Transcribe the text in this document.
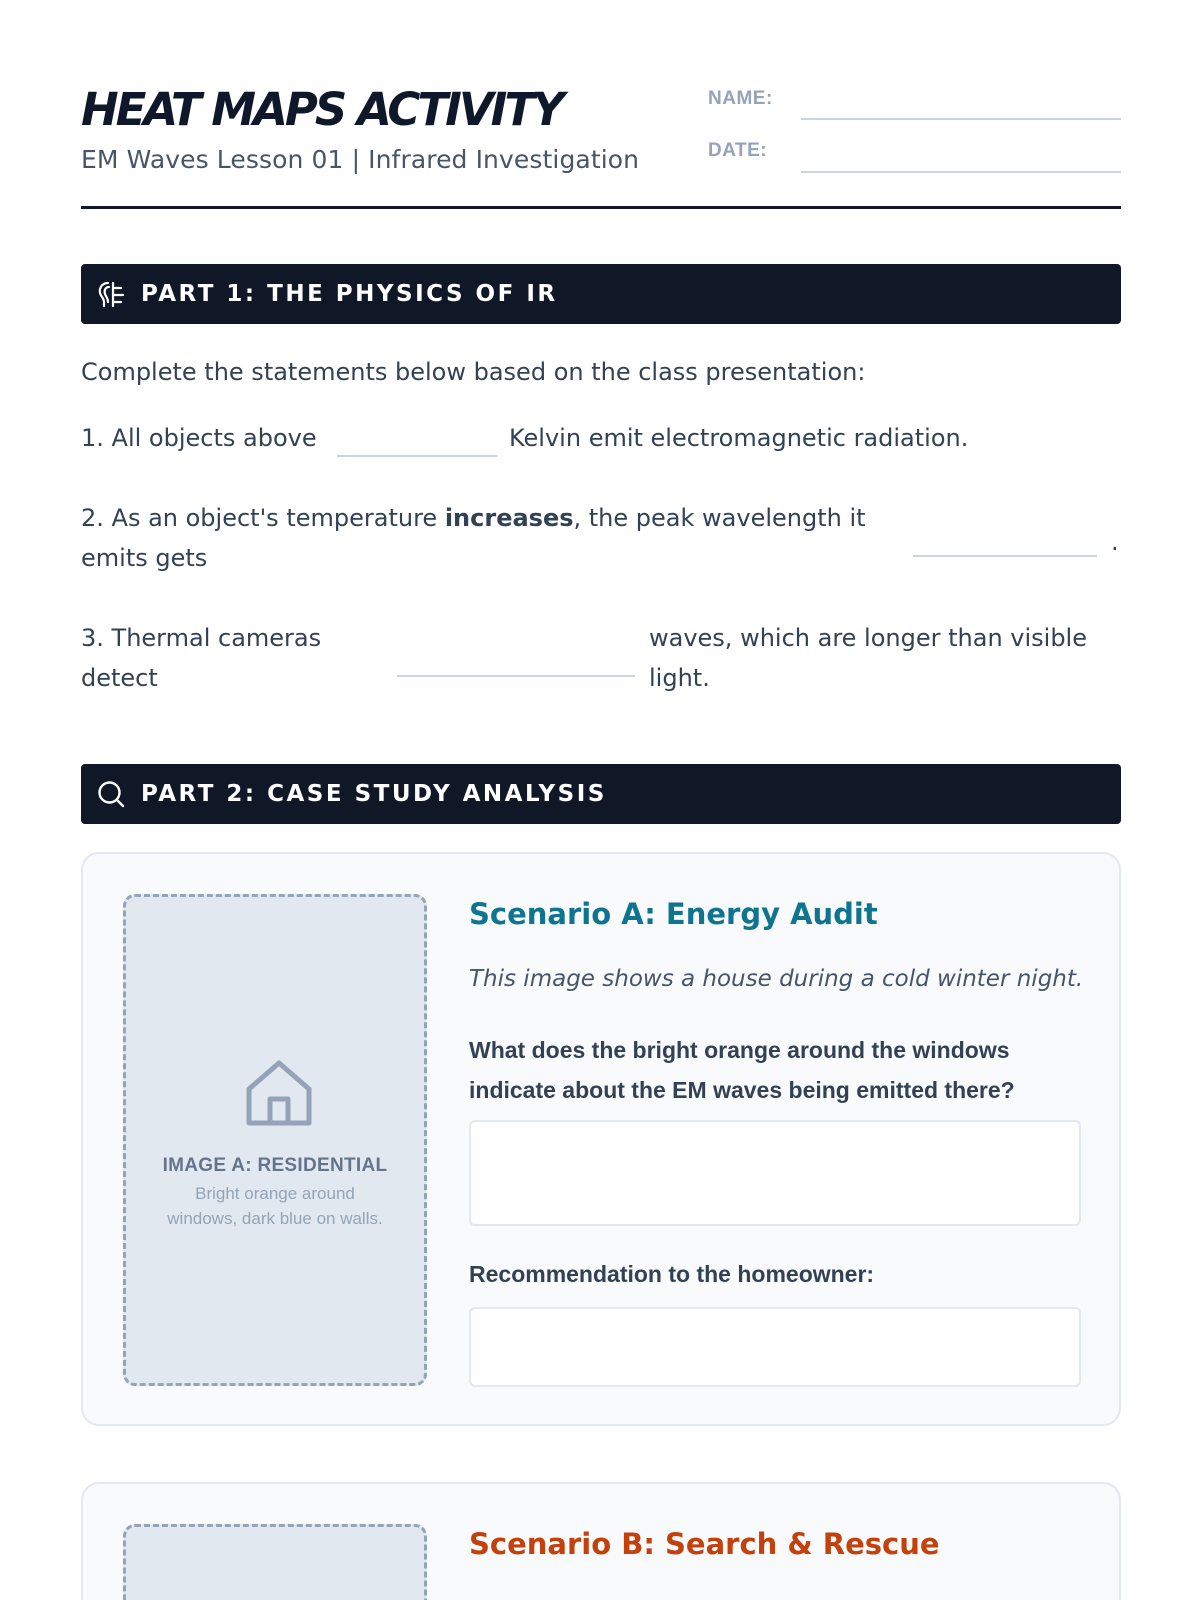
HEAT MAPS ACTIVITY
EM Waves Lesson 01 | Infrared Investigation
NAME:
DATE:
PART 1: THE PHYSICS OF IR
Complete the statements below based on the class presentation:
1. All objects above	Kelvin emit electromagnetic radiation.
2. As an object's temperature increases, the peak wavelength it
emits gets
.
3. Thermal cameras
detect
waves, which are longer than visible
light.
PART 2: CASE STUDY ANALYSIS
IMAGE A: RESIDENTIAL
Bright orange around
windows, dark blue on walls.
Scenario A: Energy Audit
This image shows a house during a cold winter night.
What does the bright orange around the windows
indicate about the EM waves being emitted there?
Recommendation to the homeowner:
Scenario B: Search & Rescue
